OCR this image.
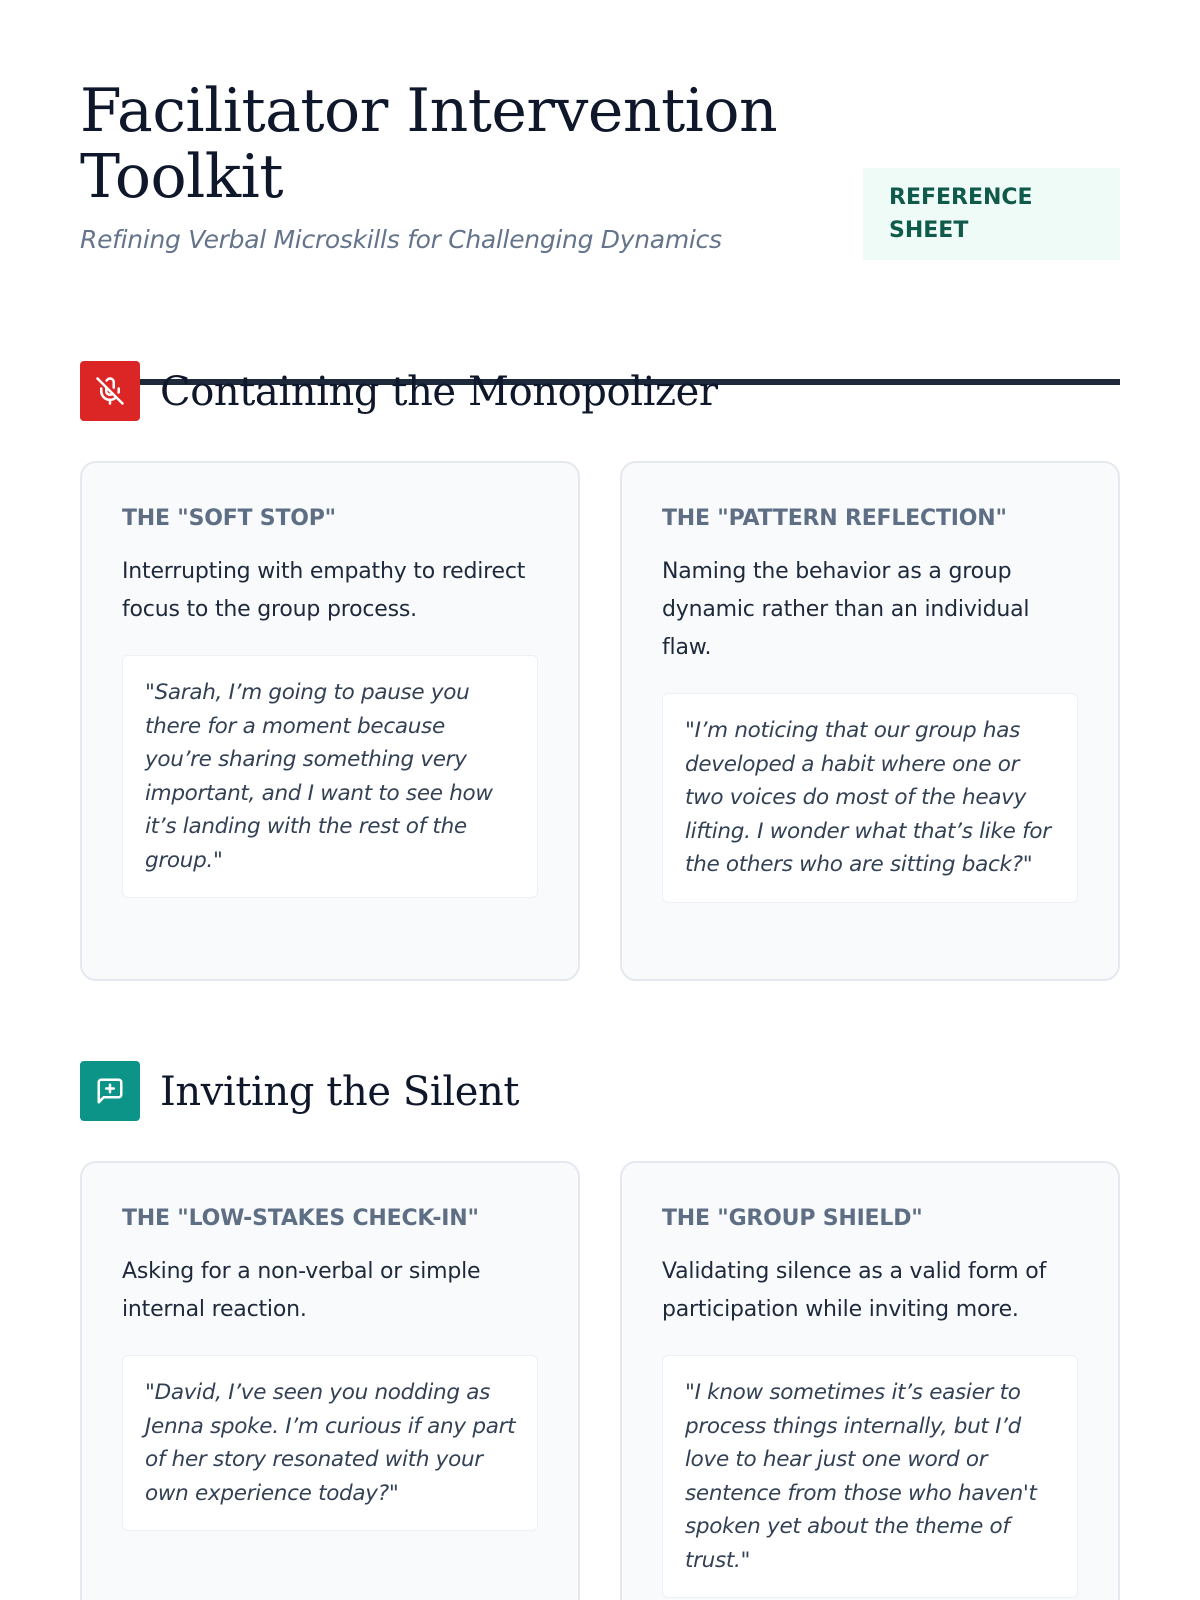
Facilitator Intervention Toolkit

Refining Verbal Microskills for Challenging Dynamics

REFERENCE SHEET
Containing the Monopolizer
THE "SOFT STOP"

Interrupting with empathy to redirect focus to the group process.

"Sarah, I’m going to pause you there for a moment because you’re sharing something very important, and I want to see how it’s landing with the rest of the group."
THE "PATTERN REFLECTION"

Naming the behavior as a group dynamic rather than an individual flaw.

"I’m noticing that our group has developed a habit where one or two voices do most of the heavy lifting. I wonder what that’s like for the others who are sitting back?"
Inviting the Silent
THE "LOW-STAKES CHECK-IN"

Asking for a non-verbal or simple internal reaction.

"David, I’ve seen you nodding as Jenna spoke. I’m curious if any part of her story resonated with your own experience today?"
THE "GROUP SHIELD"

Validating silence as a valid form of participation while inviting more.

"I know sometimes it’s easier to process things internally, but I’d love to hear just one word or sentence from those who haven't spoken yet about the theme of trust."
